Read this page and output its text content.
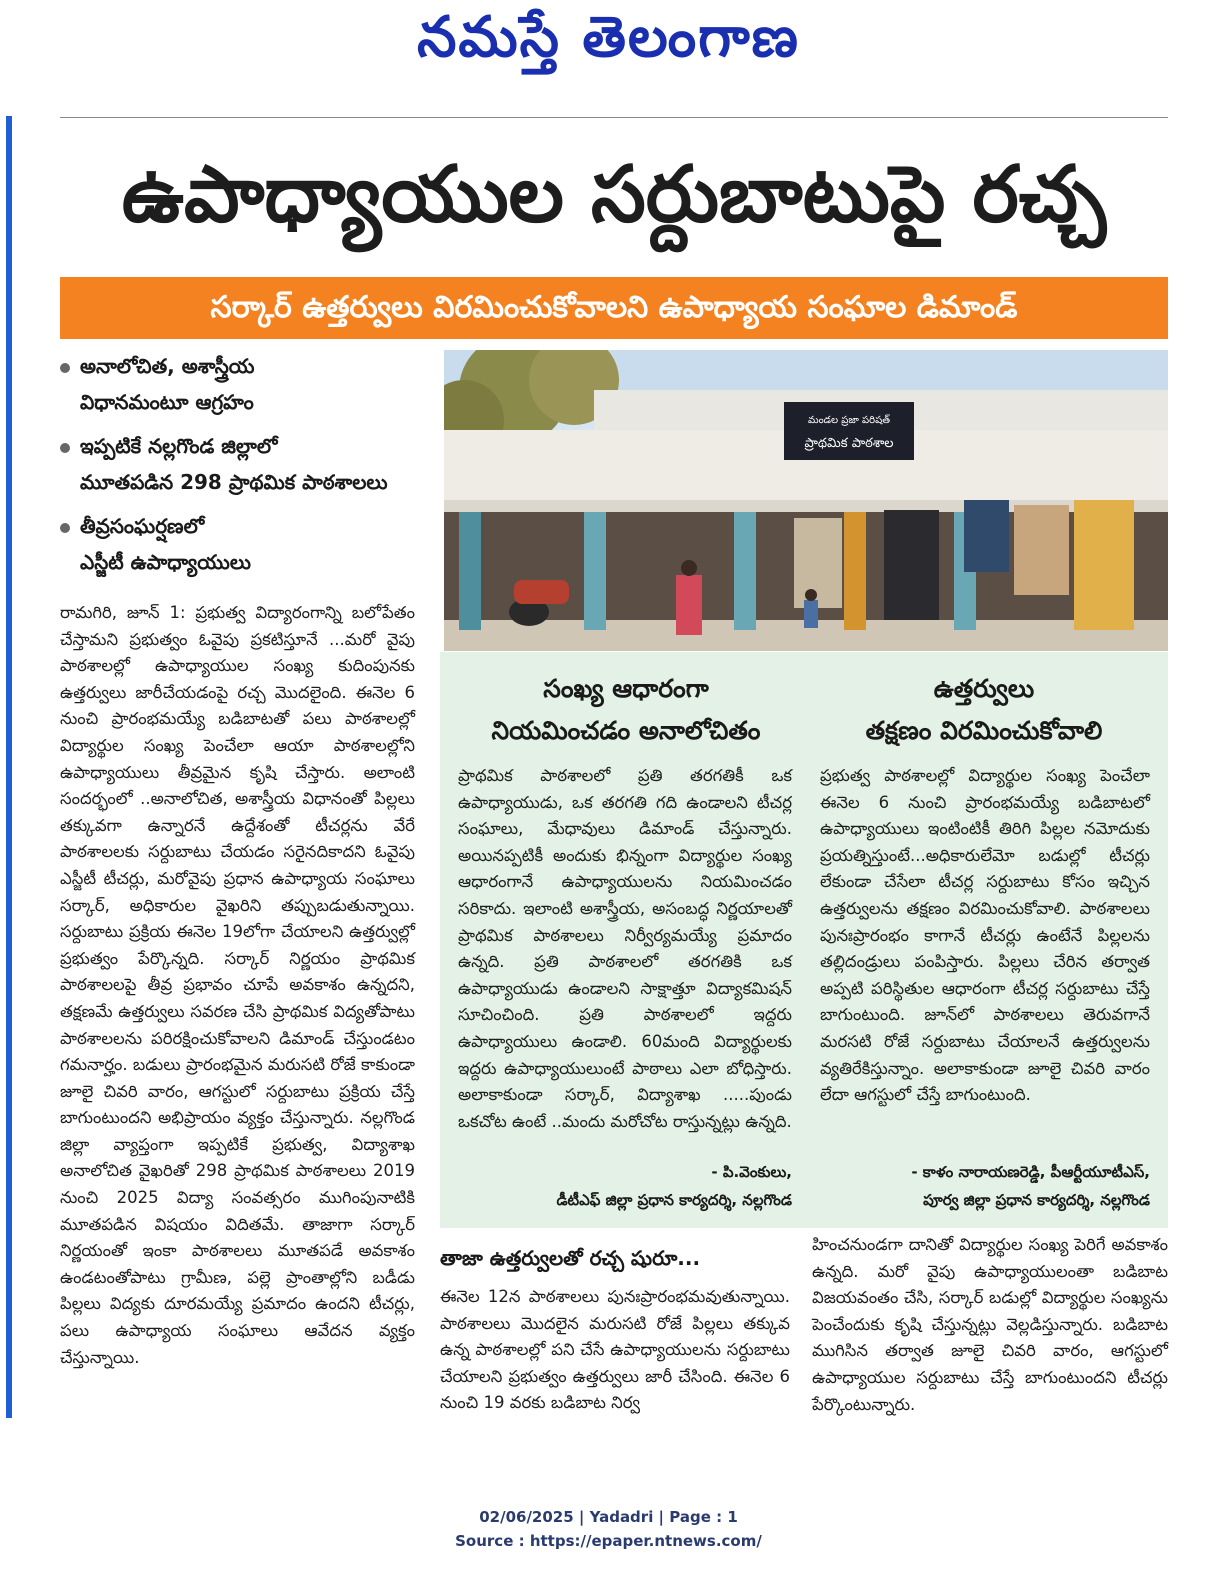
నమస్తే తెలంగాణ
ఉపాధ్యాయుల సర్దుబాటుపై రచ్చ
సర్కార్ ఉత్తర్వులు విరమించుకోవాలని ఉపాధ్యాయ సంఘాల డిమాండ్
అనాలోచిత, అశాస్త్రీయ
విధానమంటూ ఆగ్రహం
ఇప్పటికే నల్లగొండ జిల్లాలో
మూతపడిన 298 ప్రాథమిక పాఠశాలలు
తీవ్రసంఘర్షణలో
ఎస్జీటీ ఉపాధ్యాయులు
రామగిరి, జూన్ 1: ప్రభుత్వ విద్యారంగాన్ని బలోపేతం చేస్తామని ప్రభుత్వం ఓవైపు ప్రకటిస్తూనే ...మరో వైపు పాఠశాలల్లో ఉపాధ్యాయుల సంఖ్య కుదింపునకు ఉత్తర్వులు జారీచేయడంపై రచ్చ మొదలైంది. ఈనెల 6 నుంచి ప్రారంభమయ్యే బడిబాటతో పలు పాఠశాలల్లో విద్యార్థుల సంఖ్య పెంచేలా ఆయా పాఠశాలల్లోని ఉపాధ్యాయులు తీవ్రమైన కృషి చేస్తారు. అలాంటి సందర్భంలో ..అనాలోచిత, అశాస్త్రీయ విధానంతో పిల్లలు తక్కువగా ఉన్నారనే ఉద్దేశంతో టీచర్లను వేరే పాఠశాలలకు సర్దుబాటు చేయడం సరైనదికాదని ఓవైపు ఎస్జీటీ టీచర్లు, మరోవైపు ప్రధాన ఉపాధ్యాయ సంఘాలు సర్కార్, అధికారుల వైఖరిని తప్పుబడుతున్నాయి. సర్దుబాటు ప్రక్రియ ఈనెల 19లోగా చేయాలని ఉత్తర్వుల్లో ప్రభుత్వం పేర్కొన్నది. సర్కార్ నిర్ణయం ప్రాథమిక పాఠశాలలపై తీవ్ర ప్రభావం చూపే అవకాశం ఉన్నదని, తక్షణమే ఉత్తర్వులు సవరణ చేసి ప్రాథమిక విద్యతోపాటు పాఠశాలలను పరిరక్షించుకోవాలని డిమాండ్ చేస్తుండటం గమనార్హం. బడులు ప్రారంభమైన మరుసటి రోజే కాకుండా జూలై చివరి వారం, ఆగస్టులో సర్దుబాటు ప్రక్రియ చేస్తే బాగుంటుందని అభిప్రాయం వ్యక్తం చేస్తున్నారు. నల్లగొండ జిల్లా వ్యాప్తంగా ఇప్పటికే ప్రభుత్వ, విద్యాశాఖ అనాలోచిత వైఖరితో 298 ప్రాథమిక పాఠశాలలు 2019 నుంచి 2025 విద్యా సంవత్సరం ముగింపునాటికి మూతపడిన విషయం విదితమే. తాజాగా సర్కార్ నిర్ణయంతో ఇంకా పాఠశాలలు మూతపడే అవకాశం ఉండటంతోపాటు గ్రామీణ, పల్లె ప్రాంతాల్లోని బడీడు పిల్లలు విద్యకు దూరమయ్యే ప్రమాదం ఉందని టీచర్లు, పలు ఉపాధ్యాయ సంఘాలు ఆవేదన వ్యక్తం చేస్తున్నాయి.
మండల ప్రజా పరిషత్
ప్రాథమిక పాఠశాల
సంఖ్య ఆధారంగా
నియమించడం అనాలోచితం
ఉత్తర్వులు
తక్షణం విరమించుకోవాలి
ప్రాథమిక పాఠశాలలో ప్రతి తరగతికీ ఒక ఉపాధ్యాయుడు, ఒక తరగతి గది ఉండాలని టీచర్ల సంఘాలు, మేధావులు డిమాండ్ చేస్తున్నారు. అయినప్పటికీ అందుకు భిన్నంగా విద్యార్థుల సంఖ్య ఆధారంగానే ఉపాధ్యాయులను నియమించడం సరికాదు. ఇలాంటి అశాస్త్రీయ, అసంబద్ధ నిర్ణయాలతో ప్రాథమిక పాఠశాలలు నిర్వీర్యమయ్యే ప్రమాదం ఉన్నది. ప్రతి పాఠశాలలో తరగతికి ఒక ఉపాధ్యాయుడు ఉండాలని సాక్షాత్తూ విద్యాకమిషన్ సూచించింది. ప్రతి పాఠశాలలో ఇద్దరు ఉపాధ్యాయులు ఉండాలి. 60మంది విద్యార్థులకు ఇద్దరు ఉపాధ్యాయులుంటే పాఠాలు ఎలా బోధిస్తారు. అలాకాకుండా సర్కార్, విద్యాశాఖ .....పుండు ఒకచోట ఉంటే ..మందు మరోచోట రాస్తున్నట్లు ఉన్నది.
ప్రభుత్వ పాఠశాలల్లో విద్యార్థుల సంఖ్య పెంచేలా ఈనెల 6 నుంచి ప్రారంభమయ్యే బడిబాటలో ఉపాధ్యాయులు ఇంటింటికీ తిరిగి పిల్లల నమోదుకు ప్రయత్నిస్తుంటే...అధికారులేమో బడుల్లో టీచర్లు లేకుండా చేసేలా టీచర్ల సర్దుబాటు కోసం ఇచ్చిన ఉత్తర్వులను తక్షణం విరమించుకోవాలి. పాఠశాలలు పునఃప్రారంభం కాగానే టీచర్లు ఉంటేనే పిల్లలను తల్లిదండ్రులు పంపిస్తారు. పిల్లలు చేరిన తర్వాత అప్పటి పరిస్థితుల ఆధారంగా టీచర్ల సర్దుబాటు చేస్తే బాగుంటుంది. జూన్‌లో పాఠశాలలు తెరువగానే మరసటి రోజే సర్దుబాటు చేయాలనే ఉత్తర్వులను వ్యతిరేకిస్తున్నాం. అలాకాకుండా జూలై చివరి వారం లేదా ఆగస్టులో చేస్తే బాగుంటుంది.
- పి.వెంకులు,
డీటీఎఫ్ జిల్లా ప్రధాన కార్యదర్శి, నల్లగొండ
- కాళం నారాయణరెడ్డి, పీఆర్టీయూటీఎస్,
పూర్వ జిల్లా ప్రధాన కార్యదర్శి, నల్లగొండ
తాజా ఉత్తర్వులతో రచ్చ షురూ...
ఈనెల 12న పాఠశాలలు పునఃప్రారంభమవుతున్నాయి. పాఠశాలలు మొదలైన మరుసటి రోజే పిల్లలు తక్కువ ఉన్న పాఠశాలల్లో పని చేసే ఉపాధ్యాయులను సర్దుబాటు చేయాలని ప్రభుత్వం ఉత్తర్వులు జారీ చేసింది. ఈనెల 6 నుంచి 19 వరకు బడిబాట నిర్వ
హించనుండగా దానితో విద్యార్థుల సంఖ్య పెరిగే అవకాశం ఉన్నది. మరో వైపు ఉపాధ్యాయులంతా బడిబాట విజయవంతం చేసి, సర్కార్ బడుల్లో విద్యార్థుల సంఖ్యను పెంచేందుకు కృషి చేస్తున్నట్లు వెల్లడిస్తున్నారు. బడిబాట ముగిసిన తర్వాత జూలై చివరి వారం, ఆగస్టులో ఉపాధ్యాయుల సర్దుబాటు చేస్తే బాగుంటుందని టీచర్లు పేర్కొంటున్నారు.
02/06/2025 | Yadadri | Page : 1
Source : https://epaper.ntnews.com/
